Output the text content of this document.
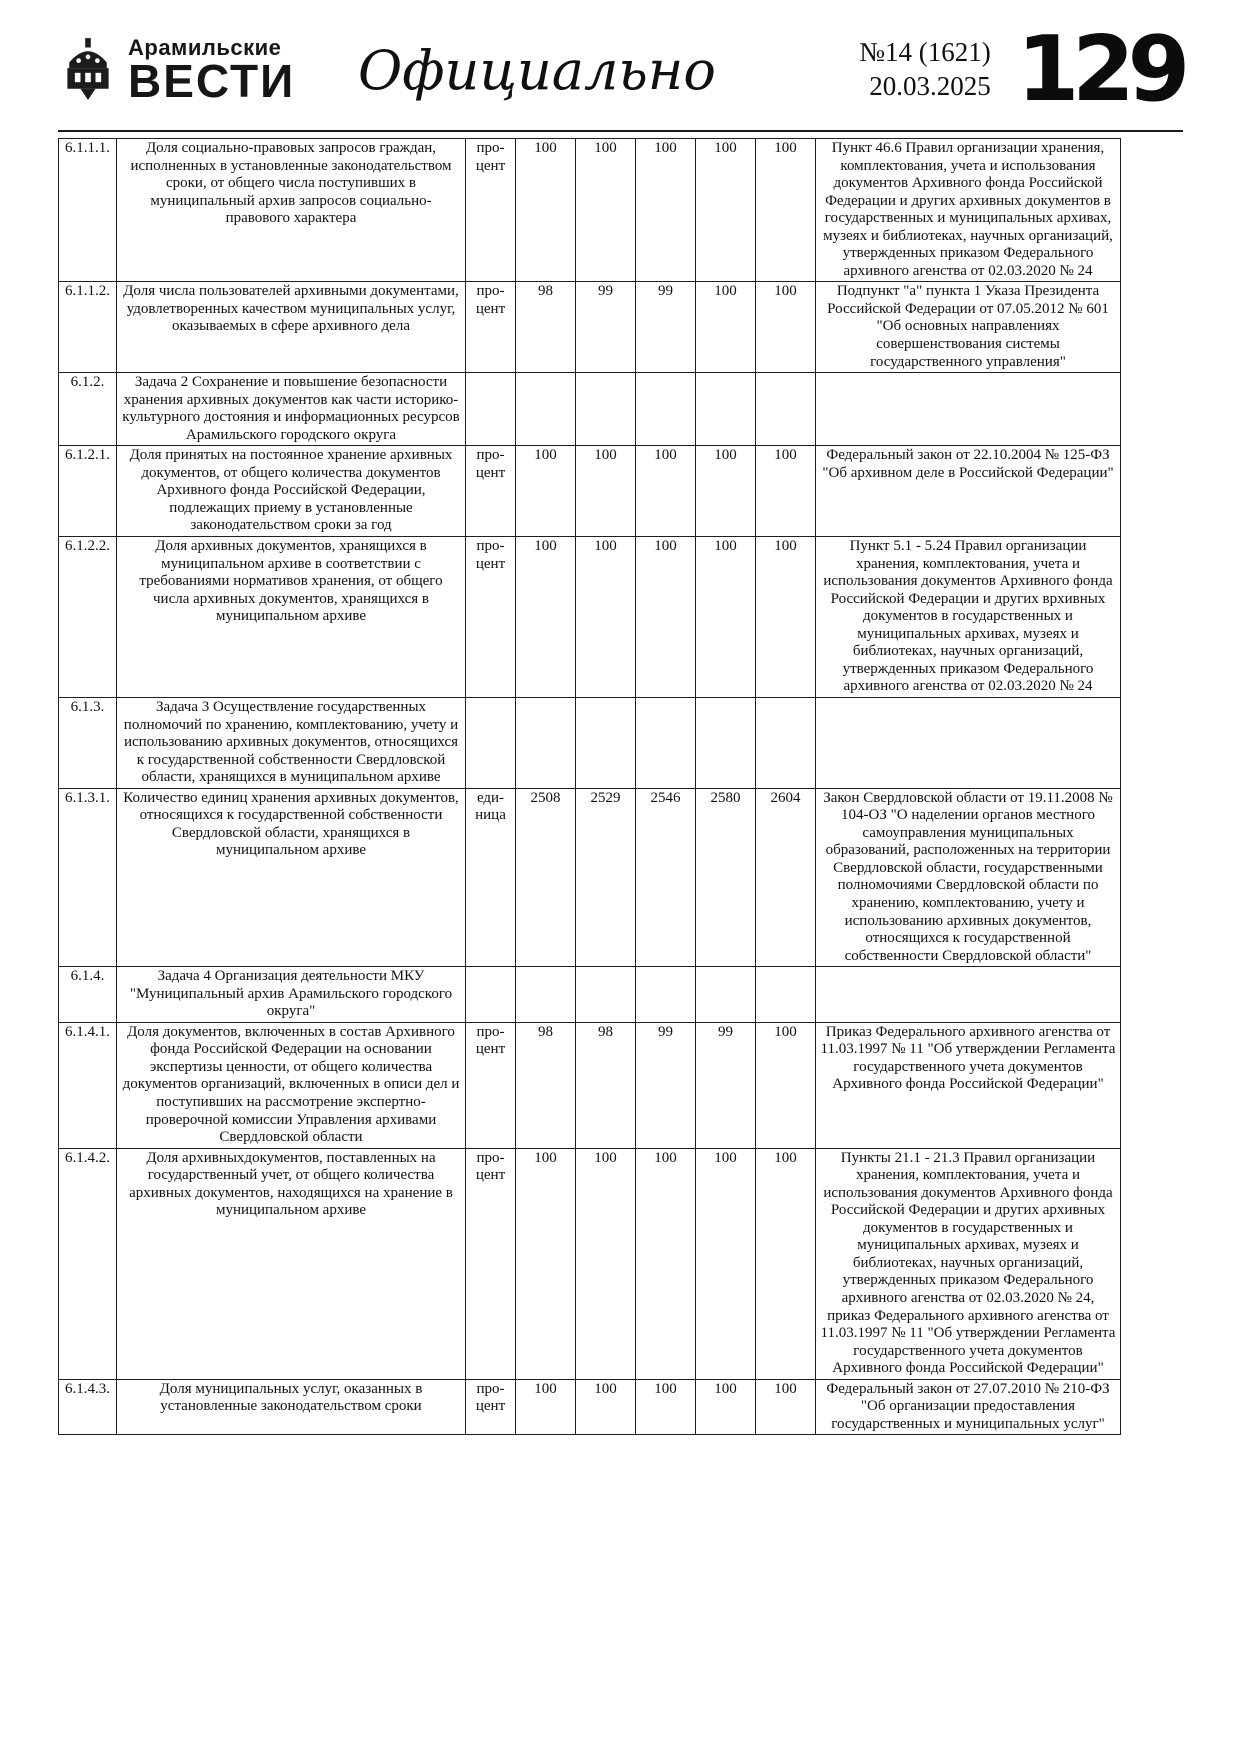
Арамильские
ВЕСТИ Официально	№14 (1621)
20.03.2025 129
6.1.1.1.	Доля социально-правовых запросов граждан, исполненных в установленные законодательством сроки, от общего числа поступивших в муниципальный архив запросов социально-правового характера	про-цент	100	100	100	100	100	Пункт 46.6 Правил организации хранения, комплектования, учета и использования документов Архивного фонда Российской Федерации и других архивных документов в государственных и муниципальных архивах, музеях и библиотеках, научных организаций, утвержденных приказом Федерального архивного агенства от 02.03.2020 № 24
6.1.1.2.	Доля числа пользователей архивными документами, удовлетворенных качеством муниципальных услуг, оказываемых в сфере архивного дела	про-цент	98	99	99	100	100	Подпункт "а" пункта 1 Указа Президента Российской Федерации от 07.05.2012 № 601 "Об основных направлениях совершенствования системы государственного управления"
6.1.2.	Задача 2 Сохранение и повышение безопасности хранения архивных документов как части историко-культурного достояния и информационных ресурсов Арамильского городского округа							
6.1.2.1.	Доля принятых на постоянное хранение архивных документов, от общего количества документов Архивного фонда Российской Федерации, подлежащих приему в установленные законодательством сроки за год	про-цент	100	100	100	100	100	Федеральный закон от 22.10.2004 № 125-ФЗ "Об архивном деле в Российской Федерации"
6.1.2.2.	Доля архивных документов, хранящихся в муниципальном архиве в соответствии с требованиями нормативов хранения, от общего числа архивных документов, хранящихся в муниципальном архиве	про-цент	100	100	100	100	100	Пункт 5.1 - 5.24 Правил организации хранения, комплектования, учета и использования документов Архивного фонда Российской Федерации и других врхивных документов в государственных и муниципальных архивах, музеях и библиотеках, научных организаций, утвержденных приказом Федерального архивного агенства от 02.03.2020 № 24
6.1.3.	Задача 3 Осуществление государственных полномочий по хранению, комплектованию, учету и использованию архивных документов, относящихся к государственной собственности Свердловской области, хранящихся в муниципальном архиве							
6.1.3.1.	Количество единиц хранения архивных документов, относящихся к государственной собственности Свердловской области, хранящихся в муниципальном архиве	еди-ница	2508	2529	2546	2580	2604	Закон Свердловской области от 19.11.2008 № 104-ОЗ "О наделении органов местного самоуправления муниципальных образований, расположенных на территории Свердловской области, государственными полномочиями Свердловской области по хранению, комплектованию, учету и использованию архивных документов, относящихся к государственной собственности Свердловской области"
6.1.4.	Задача 4 Организация деятельности МКУ "Муниципальный архив Арамильского городского округа"							
6.1.4.1.	Доля документов, включенных в состав Архивного фонда Российской Федерации на основании экспертизы ценности, от общего количества документов организаций, включенных в описи дел и поступивших на рассмотрение экспертно-проверочной комиссии Управления архивами Свердловской области	про-цент	98	98	99	99	100	Приказ Федерального архивного агенства от 11.03.1997 № 11 "Об утверждении Регламента государственного учета документов Архивного фонда Российской Федерации"
6.1.4.2.	Доля архивныхдокументов, поставленных на государственный учет, от общего количества архивных документов, находящихся на хранение в муниципальном архиве	про-цент	100	100	100	100	100	Пункты 21.1 - 21.3 Правил организации хранения, комплектования, учета и использования документов Архивного фонда Российской Федерации и других архивных документов в государственных и муниципальных архивах, музеях и библиотеках, научных организаций, утвержденных приказом Федерального архивного агенства от 02.03.2020 № 24, приказ Федерального архивного агенства от 11.03.1997 № 11 "Об утверждении Регламента государственного учета документов Архивного фонда Российской Федерации"
6.1.4.3.	Доля муниципальных услуг, оказанных в установленные законодательством сроки	про-цент	100	100	100	100	100	Федеральный закон от 27.07.2010 № 210-ФЗ "Об организации предоставления государственных и муниципальных услуг"
